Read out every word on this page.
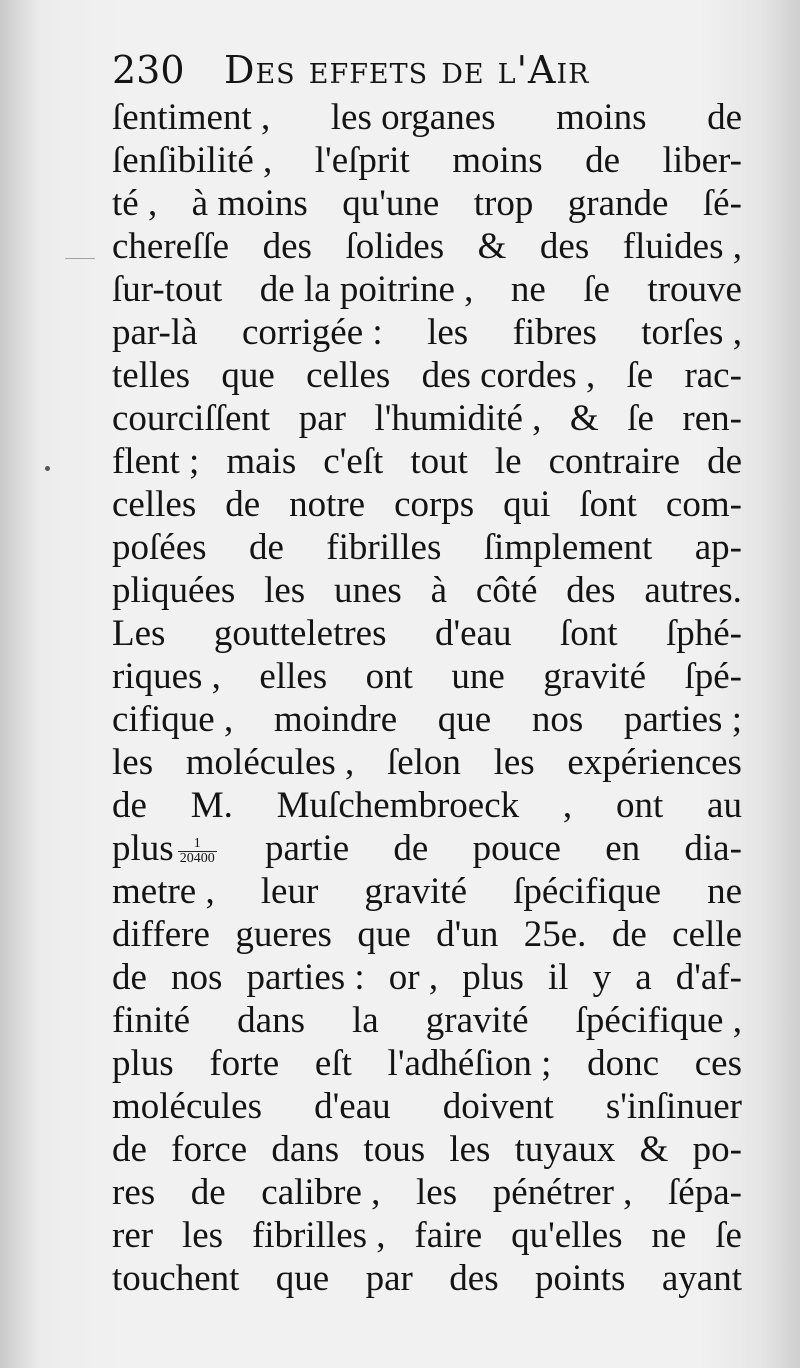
230 Des effets de l'Air
ſentiment , les organes moins de
ſenſibilité , l'eſprit moins de liber-
té , à moins qu'une trop grande ſé-
chereſſe des ſolides & des fluides ,
ſur-tout de la poitrine , ne ſe trouve
par-là corrigée : les fibres torſes ,
telles que celles des cordes , ſe rac-
courciſſent par l'humidité , & ſe ren-
flent ; mais c'eſt tout le contraire de
celles de notre corps qui ſont com-
poſées de fibrilles ſimplement ap-
pliquées les unes à côté des autres.
Les goutteletres d'eau ſont ſphé-
riques , elles ont une gravité ſpé-
cifique , moindre que nos parties ;
les molécules , ſelon les expériences
de M. Muſchembroeck , ont au
plus $\frac{1}{20400}$ partie de pouce en dia-
metre , leur gravité ſpécifique ne
differe gueres que d'un 25e. de celle
de nos parties : or , plus il y a d'af-
finité dans la gravité ſpécifique ,
plus forte eſt l'adhéſion ; donc ces
molécules d'eau doivent s'inſinuer
de force dans tous les tuyaux & po-
res de calibre , les pénétrer , ſépa-
rer les fibrilles , faire qu'elles ne ſe
touchent que par des points ayant
